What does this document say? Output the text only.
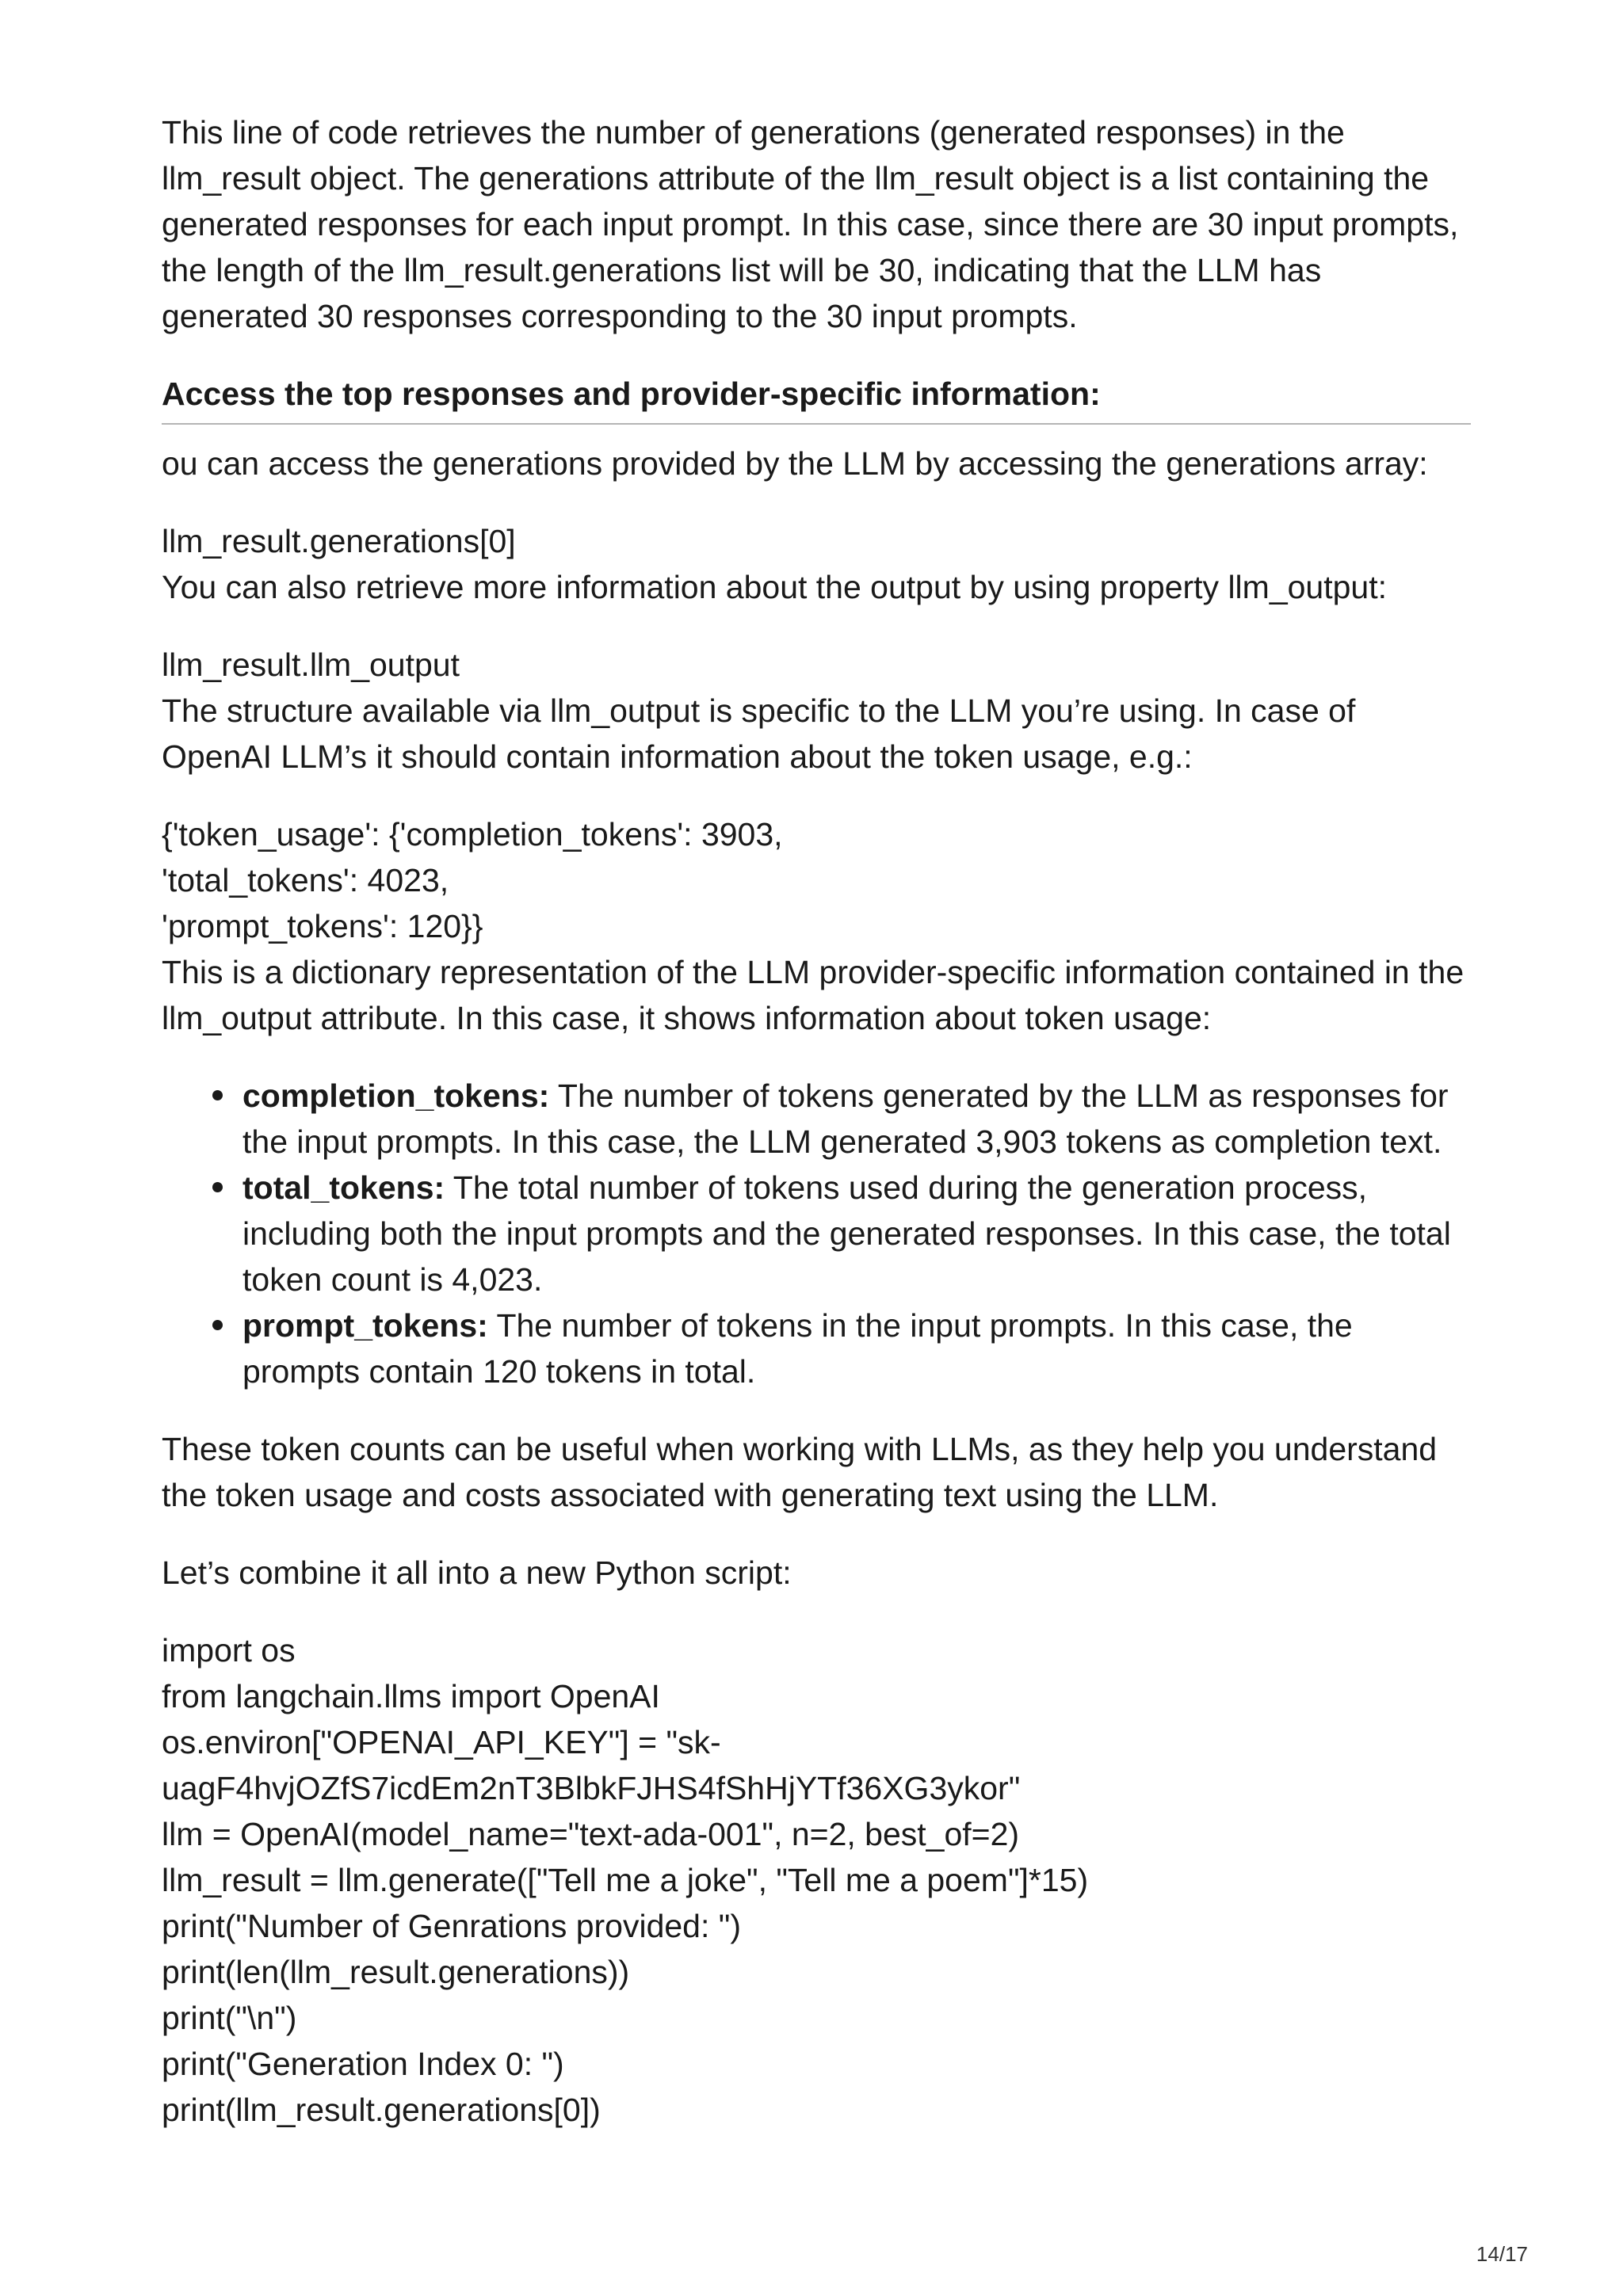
This line of code retrieves the number of generations (generated responses) in the llm_result object. The generations attribute of the llm_result object is a list containing the generated responses for each input prompt. In this case, since there are 30 input prompts, the length of the llm_result.generations list will be 30, indicating that the LLM has generated 30 responses corresponding to the 30 input prompts.

Access the top responses and provider-specific information:

ou can access the generations provided by the LLM by accessing the generations array:

llm_result.generations[0]

You can also retrieve more information about the output by using property llm_output:

llm_result.llm_output

The structure available via llm_output is specific to the LLM you’re using. In case of OpenAI LLM’s it should contain information about the token usage, e.g.:

{'token_usage': {'completion_tokens': 3903,
'total_tokens': 4023,
'prompt_tokens': 120}}

This is a dictionary representation of the LLM provider-specific information contained in the llm_output attribute. In this case, it shows information about token usage:

completion_tokens: The number of tokens generated by the LLM as responses for the input prompts. In this case, the LLM generated 3,903 tokens as completion text.
total_tokens: The total number of tokens used during the generation process, including both the input prompts and the generated responses. In this case, the total token count is 4,023.
prompt_tokens: The number of tokens in the input prompts. In this case, the prompts contain 120 tokens in total.

These token counts can be useful when working with LLMs, as they help you understand the token usage and costs associated with generating text using the LLM.

Let’s combine it all into a new Python script:

import os
from langchain.llms import OpenAI
os.environ["OPENAI_API_KEY"] = "sk-
uagF4hvjOZfS7icdEm2nT3BlbkFJHS4fShHjYTf36XG3ykor"
llm = OpenAI(model_name="text-ada-001", n=2, best_of=2)
llm_result = llm.generate(["Tell me a joke", "Tell me a poem"]*15)
print("Number of Genrations provided: ")
print(len(llm_result.generations))
print("\n")
print("Generation Index 0: ")
print(llm_result.generations[0])
14/17
